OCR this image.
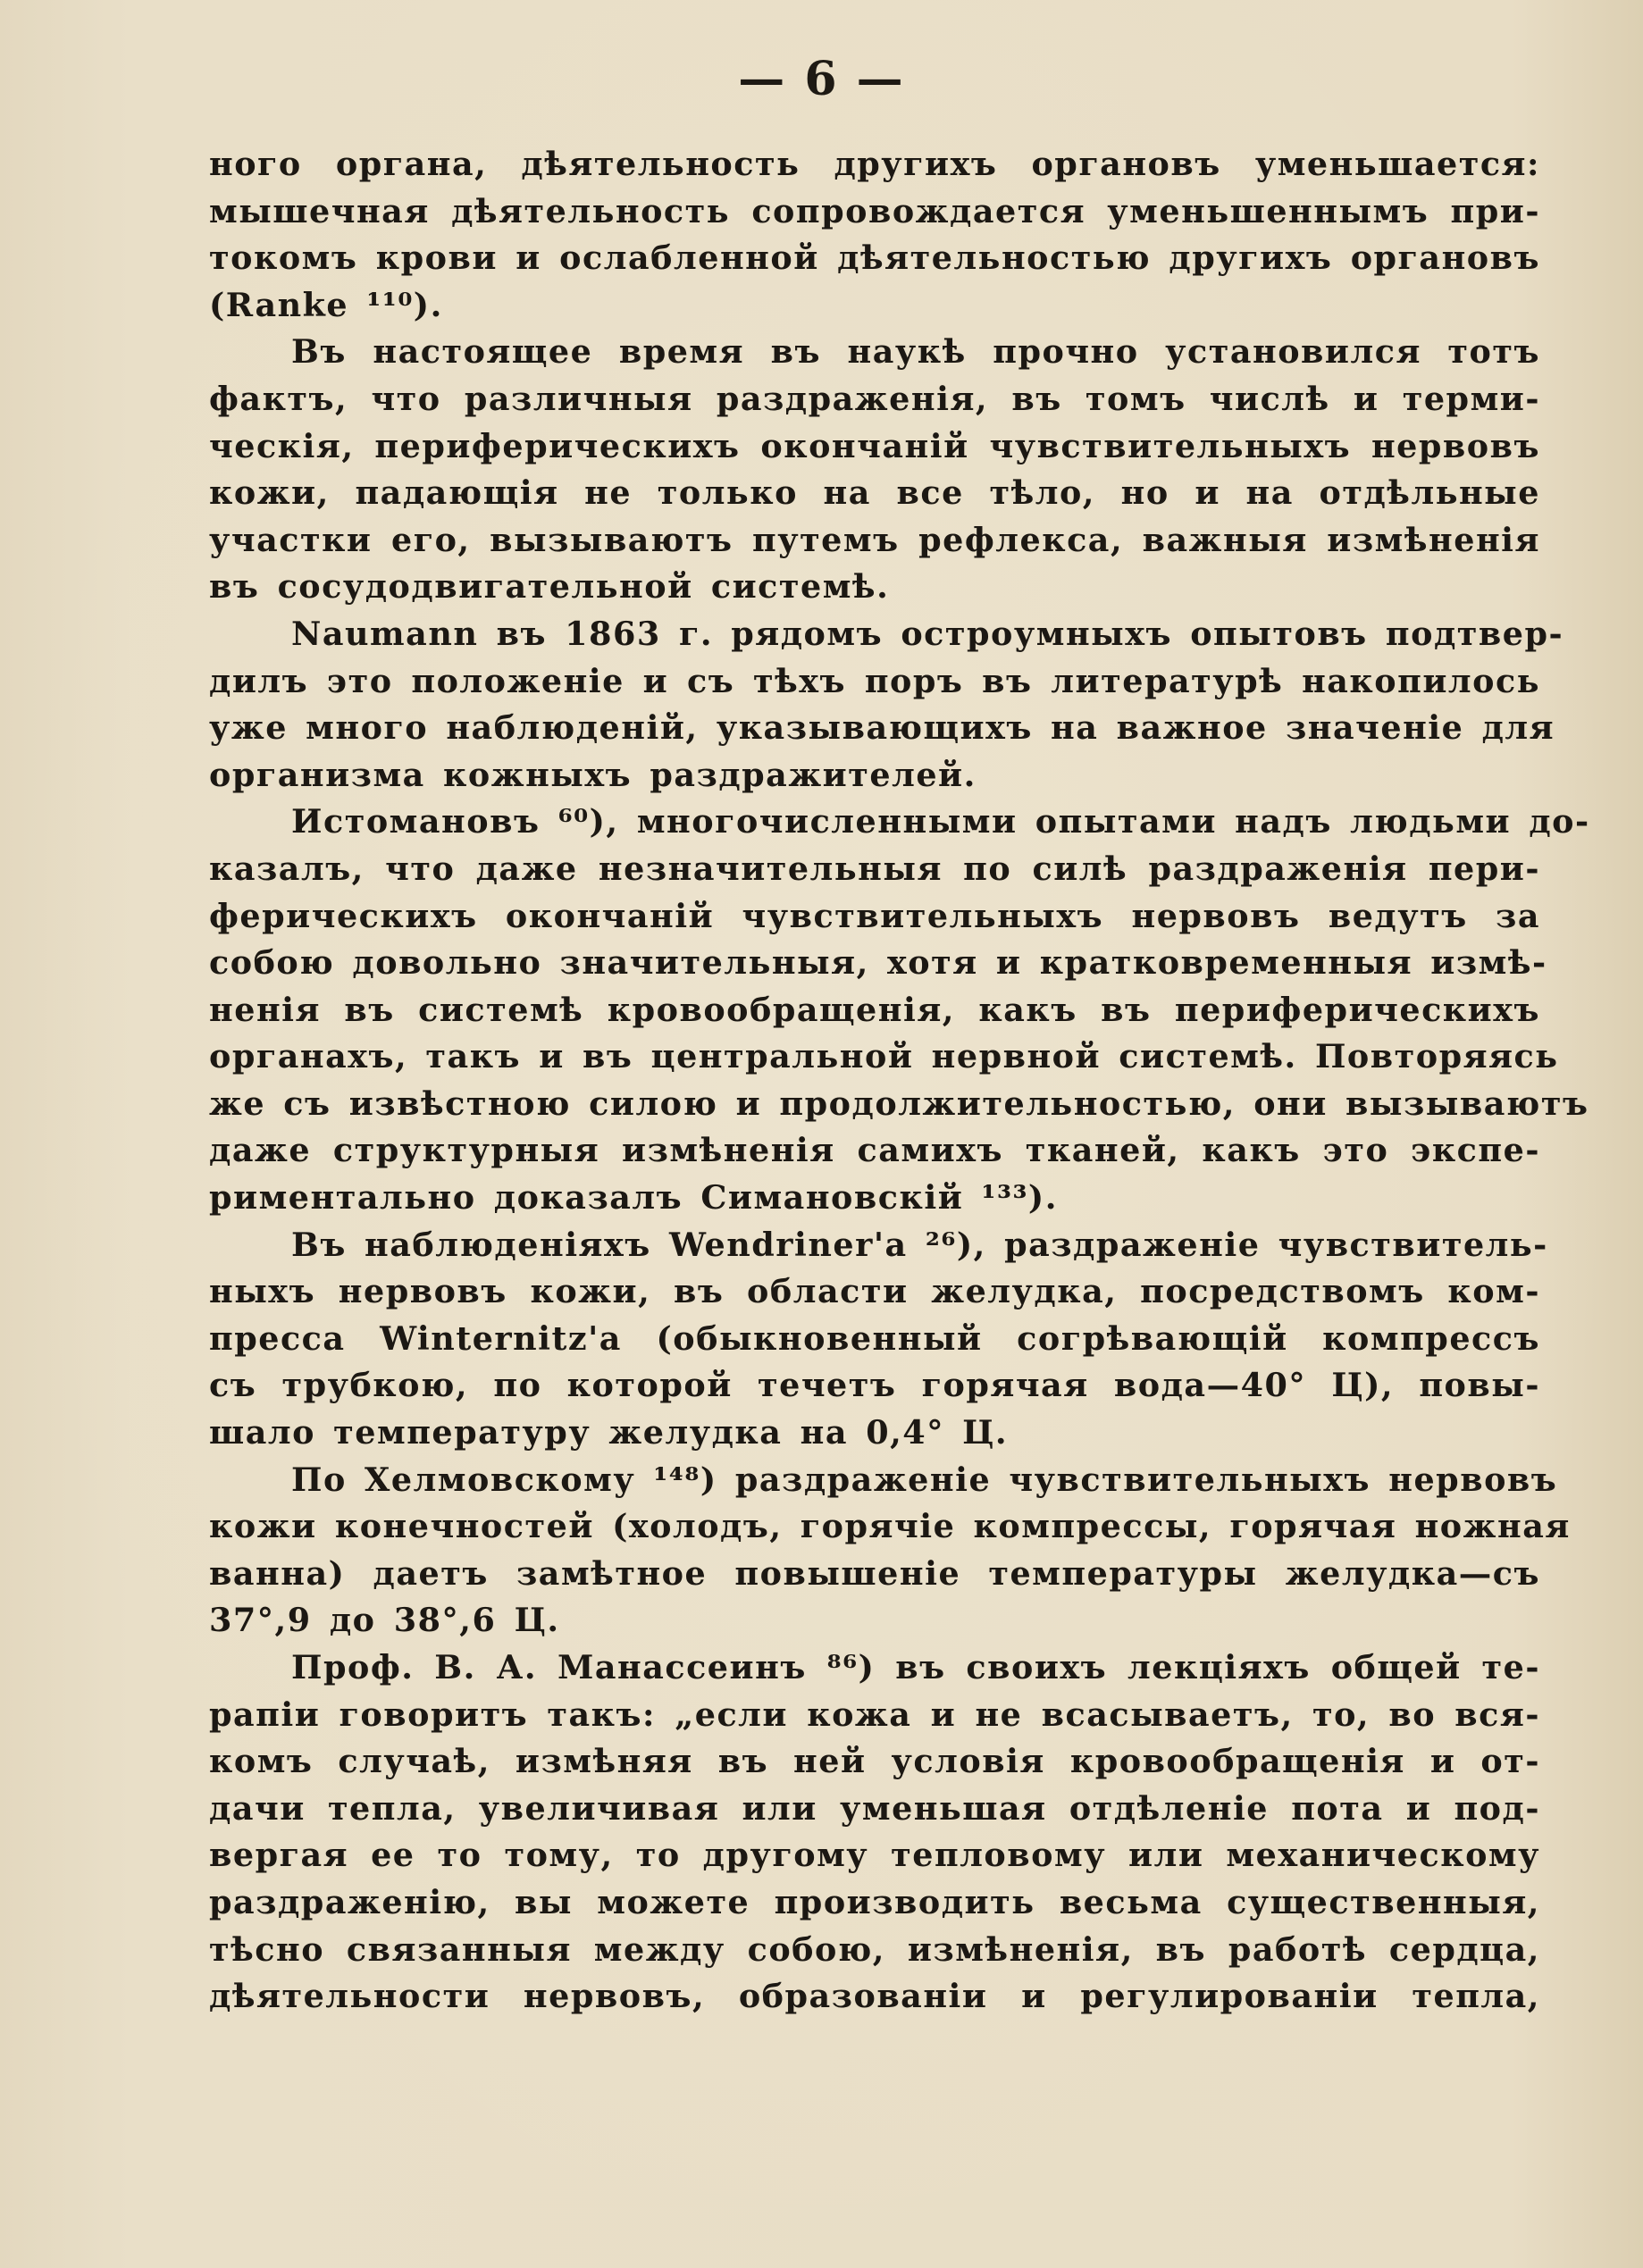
— 6 —
ного органа, дѣятельность другихъ органовъ уменьшается:
мышечная дѣятельность сопровождается уменьшеннымъ при-
токомъ крови и ослабленной дѣятельностью другихъ органовъ
(Ranke ¹¹⁰).
Въ настоящее время въ наукѣ прочно установился тотъ
фактъ, что различныя раздраженія, въ томъ числѣ и терми-
ческія, периферическихъ окончаній чувствительныхъ нервовъ
кожи, падающія не только на все тѣло, но и на отдѣльные
участки его, вызываютъ путемъ рефлекса, важныя измѣненія
въ сосудодвигательной системѣ.
Naumann въ 1863 г. рядомъ остроумныхъ опытовъ подтвер-
дилъ это положеніе и съ тѣхъ поръ въ литературѣ накопилось
уже много наблюденій, указывающихъ на важное значеніе для
организма кожныхъ раздражителей.
Истомановъ ⁶⁰), многочисленными опытами надъ людьми до-
казалъ, что даже незначительныя по силѣ раздраженія пери-
ферическихъ окончаній чувствительныхъ нервовъ ведутъ за
собою довольно значительныя, хотя и кратковременныя измѣ-
ненія въ системѣ кровообращенія, какъ въ периферическихъ
органахъ, такъ и въ центральной нервной системѣ. Повторяясь
же съ извѣстною силою и продолжительностью, они вызываютъ
даже структурныя измѣненія самихъ тканей, какъ это экспе-
риментально доказалъ Симановскій ¹³³).
Въ наблюденіяхъ Wendriner'а ²⁶), раздраженіе чувствитель-
ныхъ нервовъ кожи, въ области желудка, посредствомъ ком-
пресса Winternitz'а (обыкновенный согрѣвающій компрессъ
съ трубкою, по которой течетъ горячая вода—40° Ц), повы-
шало температуру желудка на 0,4° Ц.
По Хелмовскому ¹⁴⁸) раздраженіе чувствительныхъ нервовъ
кожи конечностей (холодъ, горячіе компрессы, горячая ножная
ванна) даетъ замѣтное повышеніе температуры желудка—съ
37°,9 до 38°,6 Ц.
Проф. В. А. Манассеинъ ⁸⁶) въ своихъ лекціяхъ общей те-
рапіи говоритъ такъ: „если кожа и не всасываетъ, то, во вся-
комъ случаѣ, измѣняя въ ней условія кровообращенія и от-
дачи тепла, увеличивая или уменьшая отдѣленіе пота и под-
вергая ее то тому, то другому тепловому или механическому
раздраженію, вы можете производить весьма существенныя,
тѣсно связанныя между собою, измѣненія, въ работѣ сердца,
дѣятельности нервовъ, образованіи и регулированіи тепла,
